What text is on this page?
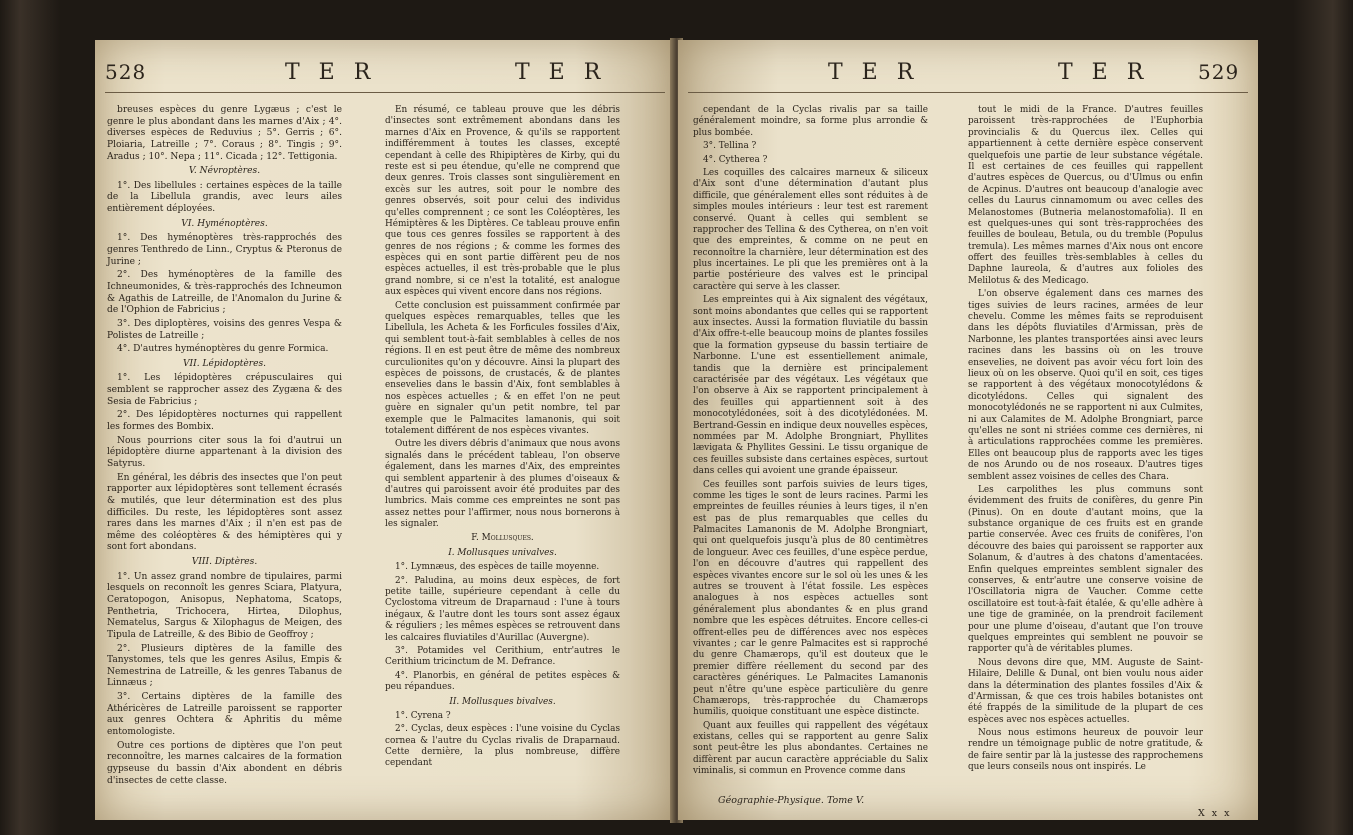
528	T E R	T E R

breuses espèces du genre Lygæus ; c'est le genre le plus abondant dans les marnes d'Aix ; 4°. diverses espèces de Reduvius ; 5°. Gerris ; 6°. Ploiaria, Latreille ; 7°. Coraus ; 8°. Tingis ; 9°. Aradus ; 10°. Nepa ; 11°. Cicada ; 12°. Tettigonia.

V. Névroptères.

1°. Des libellules : certaines espèces de la taille de la Libellula grandis, avec leurs ailes entièrement déployées.

VI. Hyménoptères.

1°. Des hyménoptères très-rapprochés des genres Tenthredo de Linn., Cryptus & Pteronus de Jurine ;

2°. Des hyménoptères de la famille des Ichneumonides, & très-rapprochés des Ichneumon & Agathis de Latreille, de l'Anomalon du Jurine & de l'Ophion de Fabricius ;

3°. Des diploptères, voisins des genres Vespa & Polistes de Latreille ;

4°. D'autres hyménoptères du genre Formica.

VII. Lépidoptères.

1°. Les lépidoptères crépusculaires qui semblent se rapprocher assez des Zygæna & des Sesia de Fabricius ;

2°. Des lépidoptères nocturnes qui rappellent les formes des Bombix.

Nous pourrions citer sous la foi d'autrui un lépidoptère diurne appartenant à la division des Satyrus.

En général, les débris des insectes que l'on peut rapporter aux lépidoptères sont tellement écrasés & mutilés, que leur détermination est des plus difficiles. Du reste, les lépidoptères sont assez rares dans les marnes d'Aix ; il n'en est pas de même des coléoptères & des hémiptères qui y sont fort abondans.

VIII. Diptères.

1°. Un assez grand nombre de tipulaires, parmi lesquels on reconnoît les genres Sciara, Platyura, Ceratopogon, Anisopus, Nephatoma, Scatops, Penthetria, Trichocera, Hirtea, Dilophus, Nematelus, Sargus & Xilophagus de Meigen, des Tipula de Latreille, & des Bibio de Geoffroy ;

2°. Plusieurs diptères de la famille des Tanystomes, tels que les genres Asilus, Empis & Nemestrina de Latreille, & les genres Tabanus de Linnæus ;

3°. Certains diptères de la famille des Athéricères de Latreille paroissent se rapporter aux genres Ochtera & Aphritis du même entomologiste.

Outre ces portions de diptères que l'on peut reconnoître, les marnes calcaires de la formation gypseuse du bassin d'Aix abondent en débris d'insectes de cette classe.

En résumé, ce tableau prouve que les débris d'insectes sont extrêmement abondans dans les marnes d'Aix en Provence, & qu'ils se rapportent indifféremment à toutes les classes, excepté cependant à celle des Rhipiptères de Kirby, qui du reste est si peu étendue, qu'elle ne comprend que deux genres. Trois classes sont singulièrement en excès sur les autres, soit pour le nombre des genres observés, soit pour celui des individus qu'elles comprennent ; ce sont les Coléoptères, les Hémiptères & les Diptères. Ce tableau prouve enfin que tous ces genres fossiles se rapportent à des genres de nos régions ; & comme les formes des espèces qui en sont partie diffèrent peu de nos espèces actuelles, il est très-probable que le plus grand nombre, si ce n'est la totalité, est analogue aux espèces qui vivent encore dans nos régions.

Cette conclusion est puissamment confirmée par quelques espèces remarquables, telles que les Libellula, les Acheta & les Forficules fossiles d'Aix, qui semblent tout-à-fait semblables à celles de nos régions. Il en est peut être de même des nombreux curculionites qu'on y découvre. Ainsi la plupart des espèces de poissons, de crustacés, & de plantes ensevelies dans le bassin d'Aix, font semblables à nos espèces actuelles ; & en effet l'on ne peut guère en signaler qu'un petit nombre, tel par exemple que le Palmacites lamanonis, qui soit totalement différent de nos espèces vivantes.

Outre les divers débris d'animaux que nous avons signalés dans le précédent tableau, l'on observe également, dans les marnes d'Aix, des empreintes qui semblent appartenir à des plumes d'oiseaux & d'autres qui paroissent avoir été produites par des lumbrics. Mais comme ces empreintes ne sont pas assez nettes pour l'affirmer, nous nous bornerons à les signaler.

F. Mollusques.

I. Mollusques univalves.

1°. Lymnæus, des espèces de taille moyenne.

2°. Paludina, au moins deux espèces, de fort petite taille, supérieure cependant à celle du Cyclostoma vitreum de Draparnaud : l'une à tours inégaux, & l'autre dont les tours sont assez égaux & réguliers ; les mêmes espèces se retrouvent dans les calcaires fluviatiles d'Aurillac (Auvergne).

3°. Potamides vel Cerithium, entr'autres le Cerithium tricinctum de M. Defrance.

4°. Planorbis, en général de petites espèces & peu répandues.

II. Mollusques bivalves.

1°. Cyrena ?

2°. Cyclas, deux espèces : l'une voisine du Cyclas cornea & l'autre du Cyclas rivalis de Draparnaud. Cette dernière, la plus nombreuse, diffère cependant

T E R	T E R 529

cependant de la Cyclas rivalis par sa taille généralement moindre, sa forme plus arrondie & plus bombée.

3°. Tellina ?

4°. Cytherea ?

Les coquilles des calcaires marneux & siliceux d'Aix sont d'une détermination d'autant plus difficile, que généralement elles sont réduites à de simples moules intérieurs : leur test est rarement conservé. Quant à celles qui semblent se rapprocher des Tellina & des Cytherea, on n'en voit que des empreintes, & comme on ne peut en reconnoître la charnière, leur détermination est des plus incertaines. Le pli que les premières ont à la partie postérieure des valves est le principal caractère qui serve à les classer.

Les empreintes qui à Aix signalent des végétaux, sont moins abondantes que celles qui se rapportent aux insectes. Aussi la formation fluviatile du bassin d'Aix offre-t-elle beaucoup moins de plantes fossiles que la formation gypseuse du bassin tertiaire de Narbonne. L'une est essentiellement animale, tandis que la dernière est principalement caractérisée par des végétaux. Les végétaux que l'on observe à Aix se rapportent principalement à des feuilles qui appartiennent soit à des monocotylédonées, soit à des dicotylédonées. M. Bertrand-Gessin en indique deux nouvelles espèces, nommées par M. Adolphe Brongniart, Phyllites lævigata & Phyllites Gessini. Le tissu organique de ces feuilles subsiste dans certaines espèces, surtout dans celles qui avoient une grande épaisseur.

Ces feuilles sont parfois suivies de leurs tiges, comme les tiges le sont de leurs racines. Parmi les empreintes de feuilles réunies à leurs tiges, il n'en est pas de plus remarquables que celles du Palmacites Lamanonis de M. Adolphe Brongniart, qui ont quelquefois jusqu'à plus de 80 centimètres de longueur. Avec ces feuilles, d'une espèce perdue, l'on en découvre d'autres qui rappellent des espèces vivantes encore sur le sol où les unes & les autres se trouvent à l'état fossile. Les espèces analogues à nos espèces actuelles sont généralement plus abondantes & en plus grand nombre que les espèces détruites. Encore celles-ci offrent-elles peu de différences avec nos espèces vivantes ; car le genre Palmacites est si rapproché du genre Chamærops, qu'il est douteux que le premier diffère réellement du second par des caractères génériques. Le Palmacites Lamanonis peut n'être qu'une espèce particulière du genre Chamærops, très-rapprochée du Chamærops humilis, quoique constituant une espèce distincte.

Quant aux feuilles qui rappellent des végétaux existans, celles qui se rapportent au genre Salix sont peut-être les plus abondantes. Certaines ne diffèrent par aucun caractère appréciable du Salix viminalis, si commun en Provence comme dans

tout le midi de la France. D'autres feuilles paroissent très-rapprochées de l'Euphorbia provincialis & du Quercus ilex. Celles qui appartiennent à cette dernière espèce conservent quelquefois une partie de leur substance végétale. Il est certaines de ces feuilles qui rappellent d'autres espèces de Quercus, ou d'Ulmus ou enfin de Acpinus. D'autres ont beaucoup d'analogie avec celles du Laurus cinnamomum ou avec celles des Melanostomes (Butneria melanostomafolia). Il en est quelques-unes qui sont très-rapprochées des feuilles de bouleau, Betula, ou du tremble (Populus tremula). Les mêmes marnes d'Aix nous ont encore offert des feuilles très-semblables à celles du Daphne laureola, & d'autres aux folioles des Melilotus & des Medicago.

L'on observe également dans ces marnes des tiges suivies de leurs racines, armées de leur chevelu. Comme les mêmes faits se reproduisent dans les dépôts fluviatiles d'Armissan, près de Narbonne, les plantes transportées ainsi avec leurs racines dans les bassins où on les trouve ensevelies, ne doivent pas avoir vécu fort loin des lieux où on les observe. Quoi qu'il en soit, ces tiges se rapportent à des végétaux monocotylédons & dicotylédons. Celles qui signalent des monocotylédonés ne se rapportent ni aux Culmites, ni aux Calamites de M. Adolphe Brongniart, parce qu'elles ne sont ni striées comme ces dernières, ni à articulations rapprochées comme les premières. Elles ont beaucoup plus de rapports avec les tiges de nos Arundo ou de nos roseaux. D'autres tiges semblent assez voisines de celles des Chara.

Les carpolithes les plus communs sont évidemment des fruits de conifères, du genre Pin (Pinus). On en doute d'autant moins, que la substance organique de ces fruits est en grande partie conservée. Avec ces fruits de conifères, l'on découvre des baies qui paroissent se rapporter aux Solanum, & d'autres à des chatons d'amentacées. Enfin quelques empreintes semblent signaler des conserves, & entr'autre une conserve voisine de l'Oscillatoria nigra de Vaucher. Comme cette oscillatoire est tout-à-fait étalée, & qu'elle adhère à une tige de graminée, on la prendroit facilement pour une plume d'oiseau, d'autant que l'on trouve quelques empreintes qui semblent ne pouvoir se rapporter qu'à de véritables plumes.

Nous devons dire que, MM. Auguste de Saint-Hilaire, Delille & Dunal, ont bien voulu nous aider dans la détermination des plantes fossiles d'Aix & d'Armissan, & que ces trois habiles botanistes ont été frappés de la similitude de la plupart de ces espèces avec nos espèces actuelles.

Nous nous estimons heureux de pouvoir leur rendre un témoignage public de notre gratitude, & de faire sentir par là la justesse des rapprochemens que leurs conseils nous ont inspirés. Le

Géographie-Physique. Tome V.
X x x
